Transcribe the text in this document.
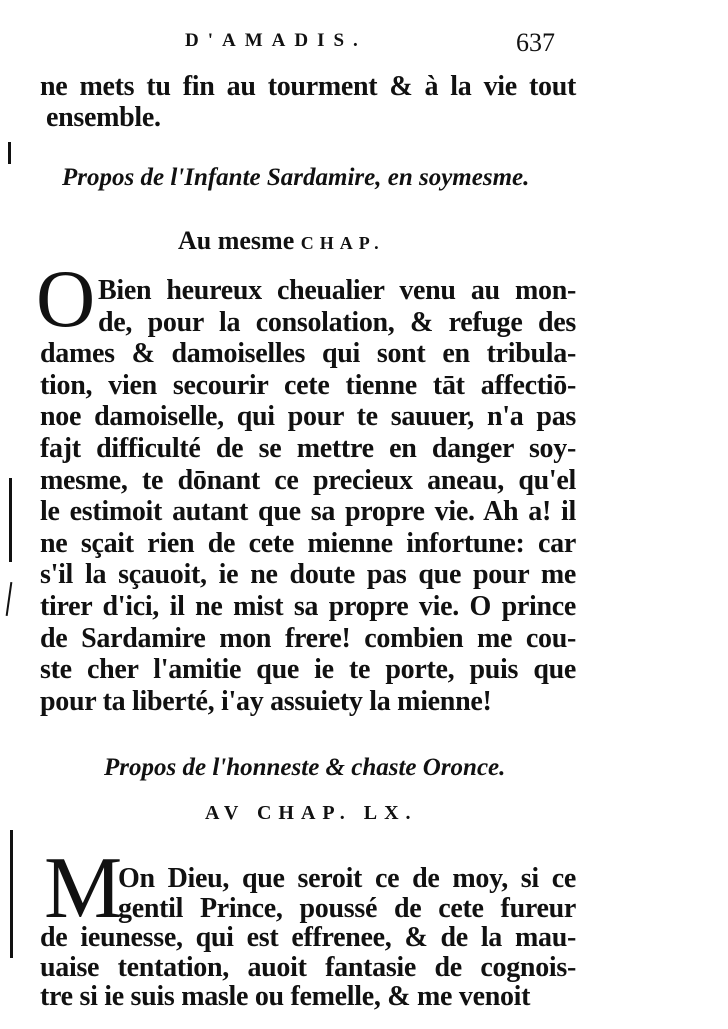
D'AMADIS.	637
ne mets tu fin au tourment & à la vie tout
ensemble.
Propos de l'Infante Sardamire, en soymesme.
Au mesme CHAP.
O Bien heureux cheualier venu au mon-
de, pour la consolation, & refuge des
dames & damoiselles qui sont en tribula-
tion, vien secourir cete tienne tāt affectiō-
noe damoiselle, qui pour te sauuer, n'a pas
fajt difficulté de se mettre en danger soy-
mesme, te dōnant ce precieux aneau, qu'el
le estimoit autant que sa propre vie. Ah a! il
ne sçait rien de cete mienne infortune: car
s'il la sçauoit, ie ne doute pas que pour me
tirer d'ici, il ne mist sa propre vie. O prince
de Sardamire mon frere! combien me cou-
ste cher l'amitie que ie te porte, puis que
pour ta liberté, i'ay assuiety la mienne!
Propos de l'honneste & chaste Oronce.
AV CHAP. LX.
M
On Dieu, que seroit ce de moy, si ce
gentil Prince, poussé de cete fureur
de ieunesse, qui est effrenee, & de la mau-
uaise tentation, auoit fantasie de cognois-
tre si ie suis masle ou femelle, & me venoit
